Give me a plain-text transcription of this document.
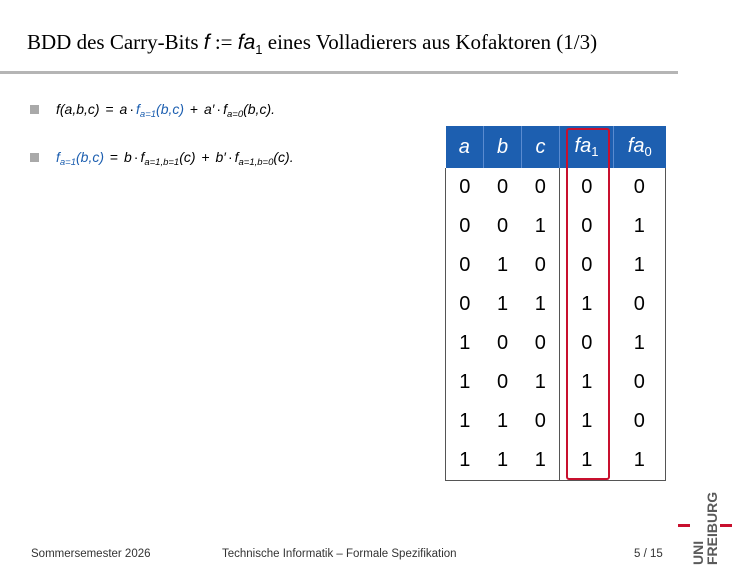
BDD des Carry-Bits f := $fa_1$ eines Volladierers aus Kofaktoren (1/3)
$f(a,b,c) = a \cdot f_{a=1}(b,c) + a' \cdot f_{a=0}(b,c)$.
$f_{a=1}(b,c) = b \cdot f_{a=1,b=1}(c) + b' \cdot f_{a=1,b=0}(c)$.	a	b	c	$fa_1$	$fa_0$
0	0	0	0	0
0	0	1	0	1
0	1	0	0	1
0	1	1	1	0
1	0	0	0	1
1	0	1	1	0
1	1	0	1	0
1	1	1	1	1
Sommersemester 2026	Technische Informatik – Formale Spezifikation	5 / 15 UNI
FREIBURG
